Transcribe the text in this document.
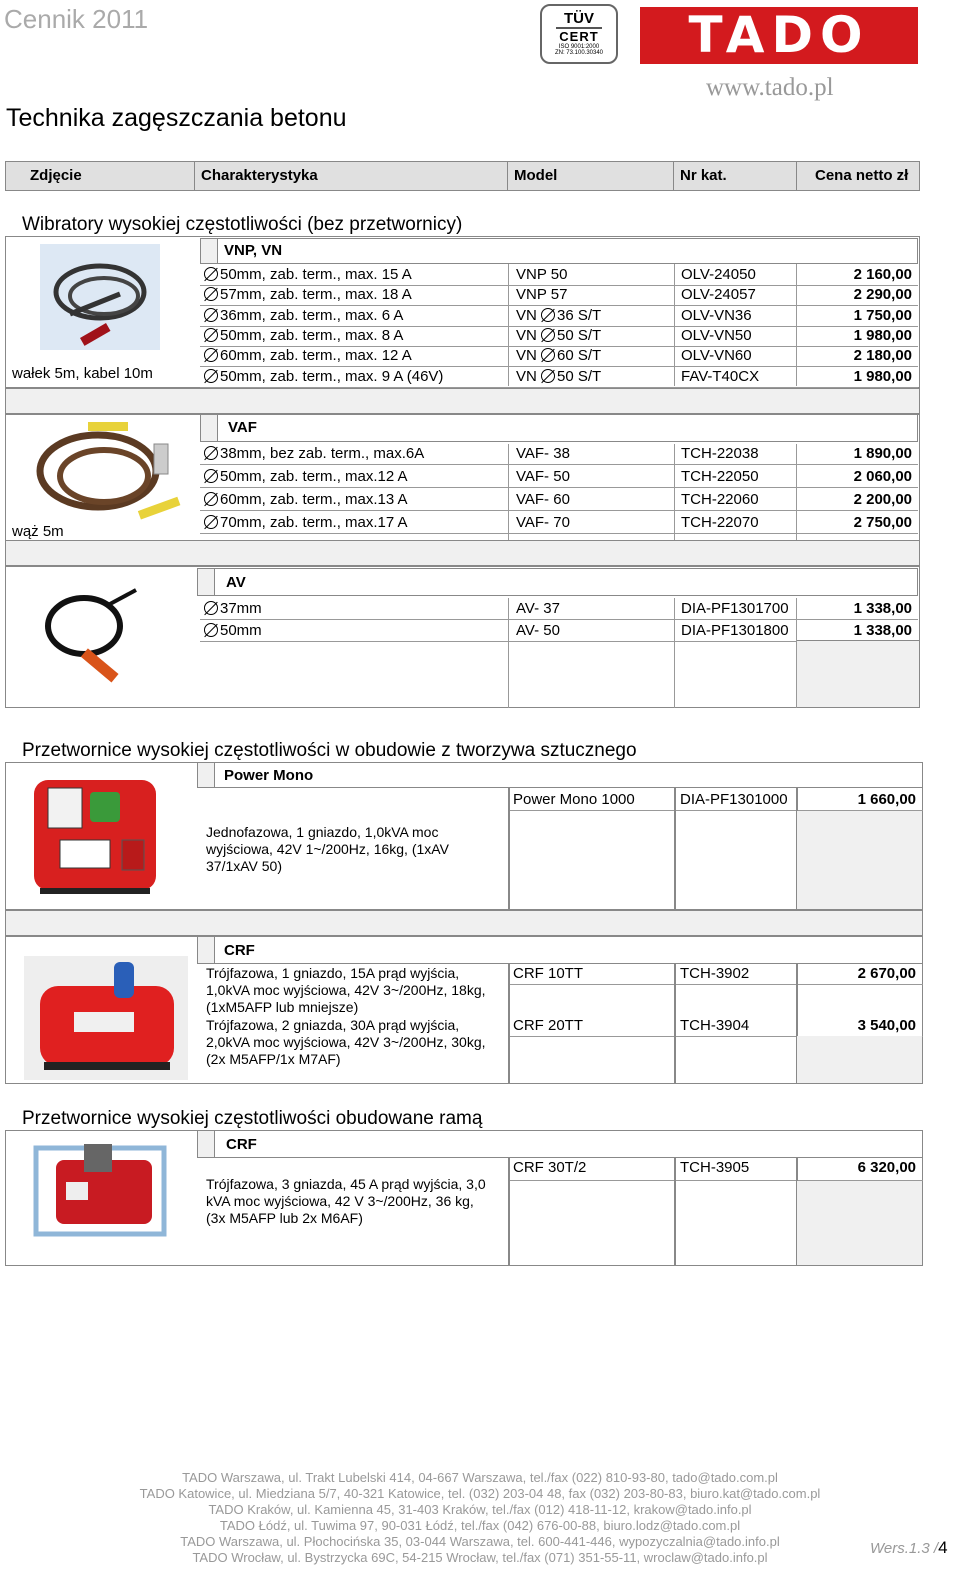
Cennik 2011	TÜV
CERT
ISO 9001:2000
ZN: 73.100.30340	TADO
www.tado.pl
Technika zagęszczania betonu
Zdjęcie	Charakterystyka	Model	Nr kat.	Cena netto zł
Wibratory wysokiej częstotliwości (bez przetwornicy)
VNP, VN
wałek 5m, kabel 10m
50mm, zab. term., max. 15 A	VNP 50	OLV-24050	2 160,00
57mm, zab. term., max. 18 A	VNP 57	OLV-24057	2 290,00
36mm, zab. term., max. 6 A	VN 36 S/T	OLV-VN36	1 750,00
50mm, zab. term., max. 8 A	VN 50 S/T	OLV-VN50	1 980,00
60mm, zab. term., max. 12 A	VN 60 S/T	OLV-VN60	2 180,00
50mm, zab. term., max. 9 A (46V)	VN 50 S/T	FAV-T40CX	1 980,00
VAF
wąż 5m
38mm, bez zab. term., max.6A	VAF- 38	TCH-22038	1 890,00
50mm, zab. term., max.12 A	VAF- 50	TCH-22050	2 060,00
60mm, zab. term., max.13 A	VAF- 60	TCH-22060	2 200,00
70mm, zab. term., max.17 A	VAF- 70	TCH-22070	2 750,00
AV
37mm	AV- 37	DIA-PF1301700	1 338,00
50mm	AV- 50	DIA-PF1301800	1 338,00
Przetwornice wysokiej częstotliwości w obudowie z tworzywa sztucznego
Power Mono
Power Mono 1000	DIA-PF1301000	1 660,00
Jednofazowa, 1 gniazdo, 1,0kVA moc wyjściowa, 42V 1~/200Hz, 16kg, (1xAV 37/1xAV 50)
CRF
Trójfazowa, 1 gniazdo, 15A prąd wyjścia, 1,0kVA moc wyjściowa, 42V 3~/200Hz, 18kg, (1xM5AFP lub mniejsze)
CRF 10TT	TCH-3902	2 670,00
Trójfazowa, 2 gniazda, 30A prąd wyjścia, 2,0kVA moc wyjściowa, 42V 3~/200Hz, 30kg, (2x M5AFP/1x M7AF)
CRF 20TT	TCH-3904	3 540,00
Przetwornice wysokiej częstotliwości obudowane ramą
CRF
CRF 30T/2	TCH-3905	6 320,00
Trójfazowa, 3 gniazda, 45 A prąd wyjścia, 3,0 kVA moc wyjściowa, 42 V 3~/200Hz, 36 kg, (3x M5AFP lub 2x M6AF)
TADO Warszawa, ul. Trakt Lubelski 414, 04-667 Warszawa, tel./fax (022) 810-93-80, tado@tado.com.pl
TADO Katowice, ul. Miedziana 5/7, 40-321 Katowice, tel. (032) 203-04 48, fax (032) 203-80-83, biuro.kat@tado.com.pl
TADO Kraków, ul. Kamienna 45, 31-403 Kraków, tel./fax (012) 418-11-12, krakow@tado.info.pl
TADO Łódź, ul. Tuwima 97, 90-031 Łódź, tel./fax (042) 676-00-88, biuro.lodz@tado.com.pl
TADO Warszawa, ul. Płochocińska 35, 03-044 Warszawa, tel. 600-441-446, wypozyczalnia@tado.info.pl
TADO Wrocław, ul. Bystrzycka 69C, 54-215 Wrocław, tel./fax (071) 351-55-11, wroclaw@tado.info.pl
Wers.1.3 /4
